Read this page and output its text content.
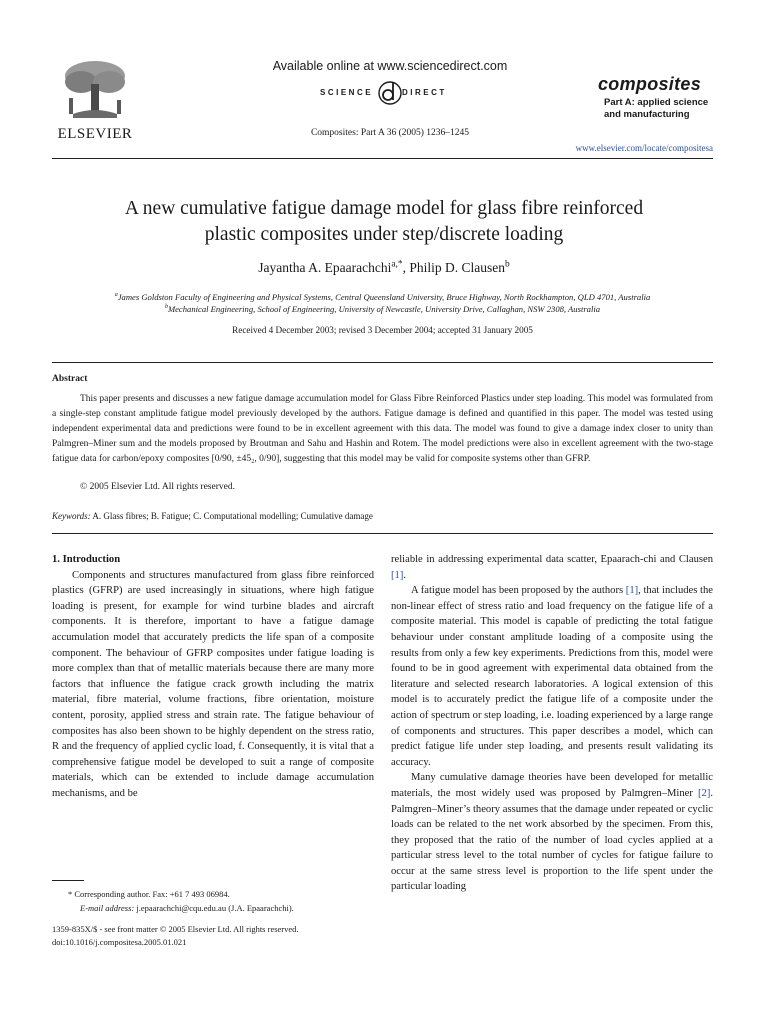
ELSEVIER
Available online at www.sciencedirect.com
SCIENCE	DIRECT
Composites: Part A 36 (2005) 1236–1245
composites
Part A: applied science
and manufacturing
www.elsevier.com/locate/compositesa
A new cumulative fatigue damage model for glass fibre reinforced
plastic composites under step/discrete loading
Jayantha A. Epaarachchi$^{a,*}$, Philip D. Clausen$^b$
$^a$James Goldston Faculty of Engineering and Physical Systems, Central Queensland University, Bruce Highway, North Rockhampton, QLD 4701, Australia
$^b$Mechanical Engineering, School of Engineering, University of Newcastle, University Drive, Callaghan, NSW 2308, Australia
Received 4 December 2003; revised 3 December 2004; accepted 31 January 2005
Abstract
This paper presents and discusses a new fatigue damage accumulation model for Glass Fibre Reinforced Plastics under step loading. This model was formulated from a single-step constant amplitude fatigue model previously developed by the authors. Fatigue damage is defined and quantified in this paper. The model was tested using independent experimental data and predictions were found to be in excellent agreement with this data. The model was found to give a damage index closer to unity than Palmgren–Miner sum and the models proposed by Broutman and Sahu and Hashin and Rotem. The model predictions were also in excellent agreement with the two-stage fatigue data for carbon/epoxy composites [0/90, ±45₂, 0/90], suggesting that this model may be valid for composite systems other than GFRP.
© 2005 Elsevier Ltd. All rights reserved.
Keywords: A. Glass fibres; B. Fatigue; C. Computational modelling; Cumulative damage

1. Introduction

Components and structures manufactured from glass fibre reinforced plastics (GFRP) are used increasingly in situations, where high fatigue loading is present, for example for wind turbine blades and aircraft components. It is therefore, important to have a fatigue damage accumulation model that accurately predicts the life span of a composite component. The behaviour of GFRP composites under fatigue loading is more complex than that of metallic materials because there are many more factors that influence the fatigue crack growth including the matrix material, fibre material, volume fractions, fibre orientation, moisture content, porosity, applied stress and strain rate. The fatigue behaviour of composites has also been shown to be highly dependent on the stress ratio, R and the frequency of applied cyclic load, f. Consequently, it is vital that a comprehensive fatigue model be developed to suit a range of composite materials, which can be extended to include damage accumulation mechanisms, and be

* Corresponding author. Fax: +61 7 493 06984.
E-mail address: j.epaarachchi@cqu.edu.au (J.A. Epaarachchi).
1359-835X/$ - see front matter © 2005 Elsevier Ltd. All rights reserved.
doi:10.1016/j.compositesa.2005.01.021

reliable in addressing experimental data scatter, Epaarach-chi and Clausen [1].

A fatigue model has been proposed by the authors [1], that includes the non-linear effect of stress ratio and load frequency on the fatigue life of a composite material. This model is capable of predicting the total fatigue behaviour under constant amplitude loading of a composite using the results from only a few key experiments. Predictions from this, model were found to be in good agreement with experimental data obtained from the literature and selected research laboratories. A logical extension of this model is to accurately predict the fatigue life of a composite under the action of spectrum or step loading, i.e. loading experienced by a large range of components and structures. This paper describes a model, which can predict fatigue life under step loading, and presents result validating its accuracy.

Many cumulative damage theories have been developed for metallic materials, the most widely used was proposed by Palmgren–Miner [2]. Palmgren–Miner’s theory assumes that the damage under repeated or cyclic loads can be related to the net work absorbed by the specimen. From this, they proposed that the ratio of the number of load cycles applied at a particular stress level to the total number of cycles for fatigue failure to occur at the same stress level is proportion to the life spent under the particular loading
